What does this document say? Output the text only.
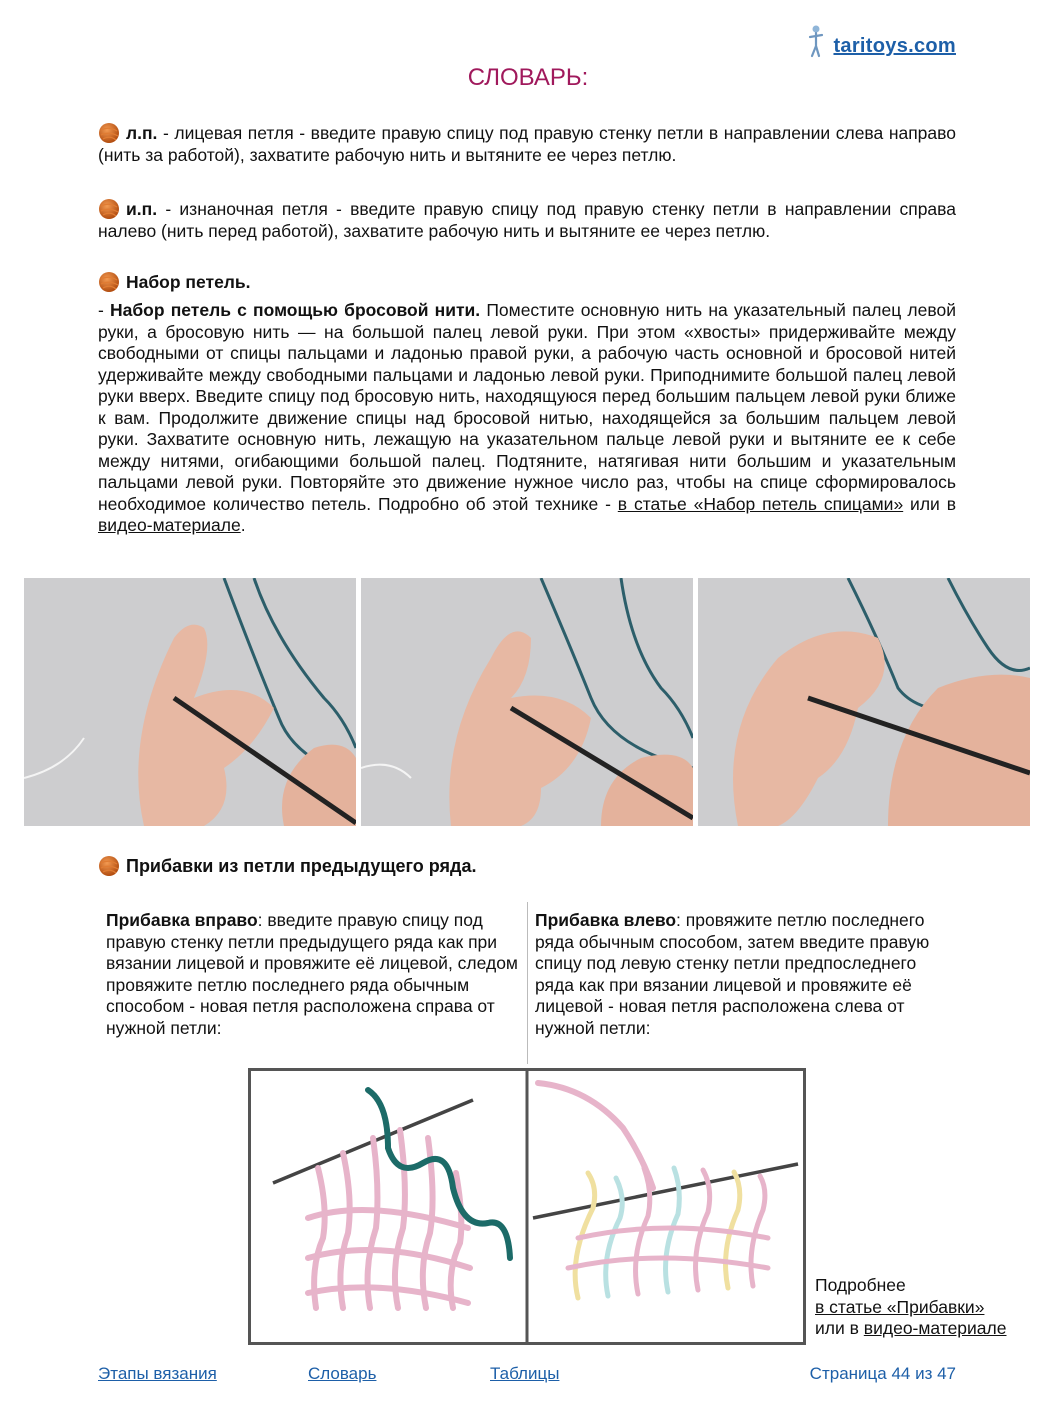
taritoys.com
СЛОВАРЬ:
л.п. - лицевая петля - введите правую спицу под правую стенку петли в направлении слева направо (нить за работой), захватите рабочую нить и вытяните ее через петлю.
и.п. - изнаночная петля - введите правую спицу под правую стенку петли в направлении справа налево (нить перед работой), захватите рабочую нить и вытяните ее через петлю.
Набор петель.
- Набор петель с помощью бросовой нити. Поместите основную нить на указательный палец левой руки, а бросовую нить — на большой палец левой руки. При этом «хвосты» придерживайте между свободными от спицы пальцами и ладонью правой руки, а рабочую часть основной и бросовой нитей удерживайте между свободными пальцами и ладонью левой руки. Приподнимите большой палец левой руки вверх. Введите спицу под бросовую нить, находящуюся перед большим пальцем левой руки ближе к вам. Продолжите движение спицы над бросовой нитью, находящейся за большим пальцем левой руки. Захватите основную нить, лежащую на указательном пальце левой руки и вытяните ее к себе между нитями, огибающими большой палец. Подтяните, натягивая нити большим и указательным пальцами левой руки. Повторяйте это движение нужное число раз, чтобы на спице сформировалось необходимое количество петель. Подробно об этой технике - в статье «Набор петель спицами» или в видео-материале.
Прибавки из петли предыдущего ряда.
Прибавка вправо: введите правую спицу под правую стенку петли предыдущего ряда как при вязании лицевой и провяжите её лицевой, следом провяжите петлю последнего ряда обычным способом - новая петля расположена справа от нужной петли:
Прибавка влево: провяжите петлю последнего ряда обычным способом, затем введите правую спицу под левую стенку петли предпоследнего ряда как при вязании лицевой и провяжите её лицевой - новая петля расположена слева от нужной петли:
Подробнее
в статье «Прибавки»
или в видео-материале
Этапы вязания	Словарь	Таблицы	Страница 44 из 47
